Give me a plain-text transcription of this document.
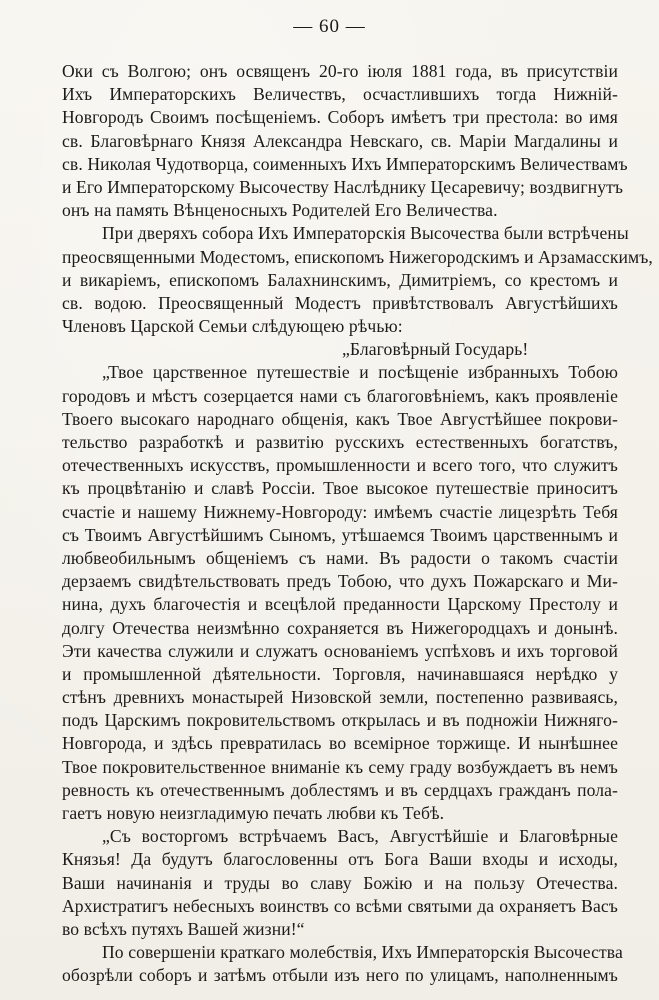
— 60 —
Оки съ Волгою; онъ освященъ 20-го іюля 1881 года, въ присутствіи
Ихъ Императорскихъ Величествъ, осчастлившихъ тогда Нижній-
Новгородъ Своимъ посѣщеніемъ. Соборъ имѣетъ три престола: во имя
св. Благовѣрнаго Князя Александра Невскаго, св. Маріи Магдалины и
св. Николая Чудотворца, соименныхъ Ихъ Императорскимъ Величествамъ
и Его Императорскому Высочеству Наслѣднику Цесаревичу; воздвигнутъ
онъ на память Вѣнценосныхъ Родителей Его Величества.
При дверяхъ собора Ихъ Императорскія Высочества были встрѣчены
преосвященными Модестомъ, епископомъ Нижегородскимъ и Арзамасскимъ,
и викаріемъ, епископомъ Балахнинскимъ, Димитріемъ, со крестомъ и
св. водою. Преосвященный Модестъ привѣтствовалъ Августѣйшихъ
Членовъ Царской Семьи слѣдующею рѣчью:
„Благовѣрный Государь!
„Твое царственное путешествіе и посѣщеніе избранныхъ Тобою
городовъ и мѣстъ созерцается нами съ благоговѣніемъ, какъ проявленіе
Твоего высокаго народнаго общенія, какъ Твое Августѣйшее покрови-
тельство разработкѣ и развитію русскихъ естественныхъ богатствъ,
отечественныхъ искусствъ, промышленности и всего того, что служитъ
къ процвѣтанію и славѣ Россіи. Твое высокое путешествіе приноситъ
счастіе и нашему Нижнему-Новгороду: имѣемъ счастіе лицезрѣть Тебя
съ Твоимъ Августѣйшимъ Сыномъ, утѣшаемся Твоимъ царственнымъ и
любвеобильнымъ общеніемъ съ нами. Въ радости о такомъ счастіи
дерзаемъ свидѣтельствовать предъ Тобою, что духъ Пожарскаго и Ми-
нина, духъ благочестія и всецѣлой преданности Царскому Престолу и
долгу Отечества неизмѣнно сохраняется въ Нижегородцахъ и донынѣ.
Эти качества служили и служатъ основаніемъ успѣховъ и ихъ торговой
и промышленной дѣятельности. Торговля, начинавшаяся нерѣдко у
стѣнъ древнихъ монастырей Низовской земли, постепенно развиваясь,
подъ Царскимъ покровительствомъ открылась и въ подножіи Нижняго-
Новгорода, и здѣсь превратилась во всемірное торжище. И нынѣшнее
Твое покровительственное вниманіе къ сему граду возбуждаетъ въ немъ
ревность къ отечественнымъ доблестямъ и въ сердцахъ гражданъ пола-
гаетъ новую неизгладимую печать любви къ Тебѣ.
„Съ восторгомъ встрѣчаемъ Васъ, Августѣйшіе и Благовѣрные
Князья! Да будутъ благословенны отъ Бога Ваши входы и исходы,
Ваши начинанія и труды во славу Божію и на пользу Отечества.
Архистратигъ небесныхъ воинствъ со всѣми святыми да охраняетъ Васъ
во всѣхъ путяхъ Вашей жизни!“
По совершеніи краткаго молебствія, Ихъ Императорскія Высочества
обозрѣли соборъ и затѣмъ отбыли изъ него по улицамъ, наполненнымъ
